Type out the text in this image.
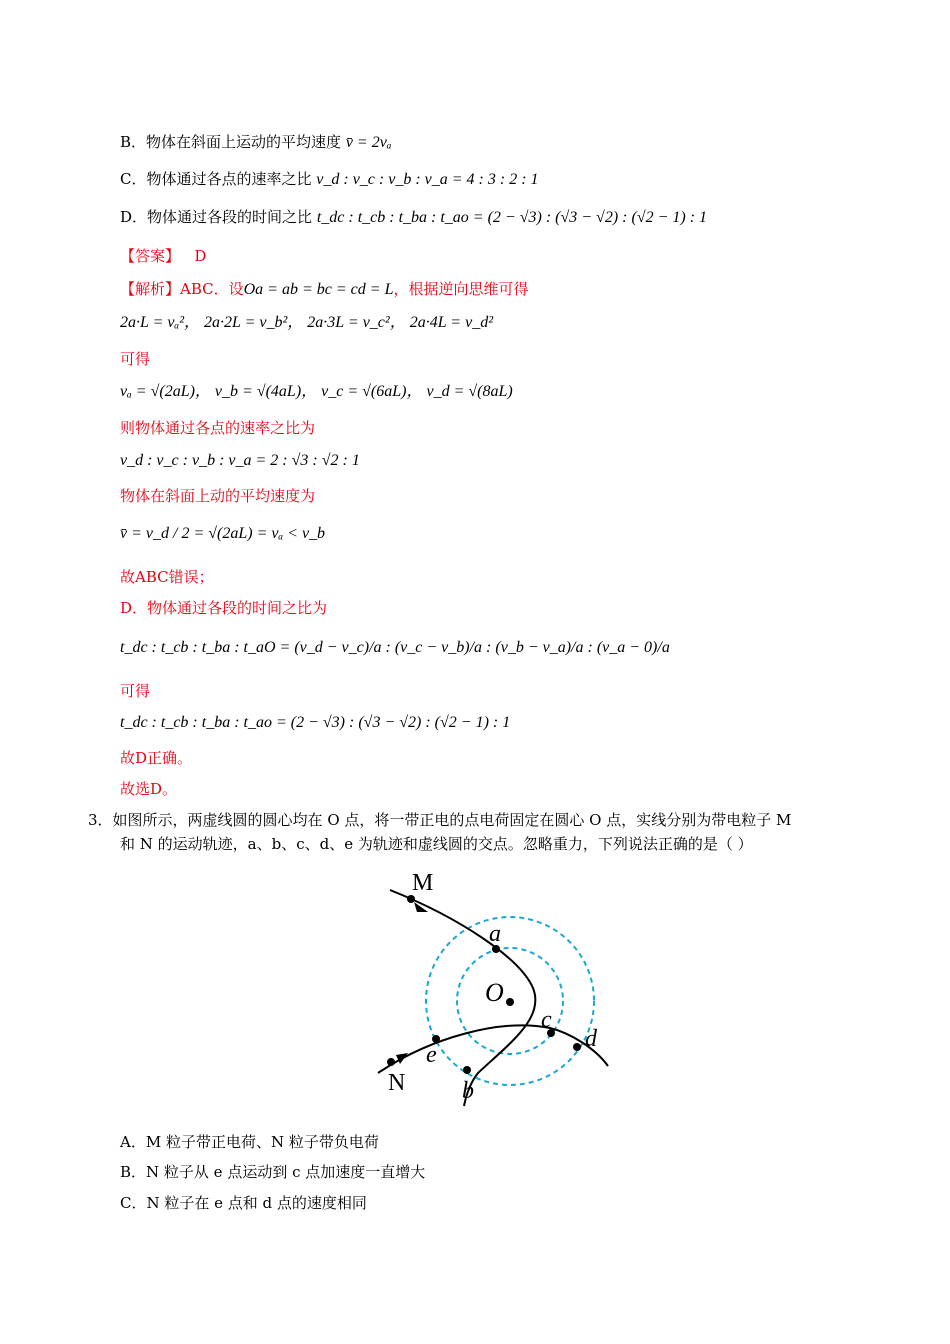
B．物体在斜面上运动的平均速度 v̄ = 2vₐ
C．物体通过各点的速率之比 v_d : v_c : v_b : v_a = 4 : 3 : 2 : 1
D．物体通过各段的时间之比 t_dc : t_cb : t_ba : t_ao = (2 − √3) : (√3 − √2) : (√2 − 1) : 1
【答案】 D
【解析】ABC．设Oa = ab = bc = cd = L，根据逆向思维可得
2a·L = vₐ²， 2a·2L = v_b²， 2a·3L = v_c²， 2a·4L = v_d²
可得
vₐ = √(2aL)， v_b = √(4aL)， v_c = √(6aL)， v_d = √(8aL)
则物体通过各点的速率之比为
v_d : v_c : v_b : v_a = 2 : √3 : √2 : 1
物体在斜面上动的平均速度为
v̄ = v_d / 2 = √(2aL) = vₐ < v_b
故ABC错误；
D．物体通过各段的时间之比为
t_dc : t_cb : t_ba : t_aO = (v_d − v_c)/a : (v_c − v_b)/a : (v_b − v_a)/a : (v_a − 0)/a
可得
t_dc : t_cb : t_ba : t_ao = (2 − √3) : (√3 − √2) : (√2 − 1) : 1
故D正确。
故选D。
3．如图所示，两虚线圆的圆心均在 O 点，将一带正电的点电荷固定在圆心 O 点，实线分别为带电粒子 M
和 N 的运动轨迹，a、b、c、d、e 为轨迹和虚线圆的交点。忽略重力，下列说法正确的是（ ）
M
N
a
O
c
d
e
b
A．M 粒子带正电荷、N 粒子带负电荷
B．N 粒子从 e 点运动到 c 点加速度一直增大
C．N 粒子在 e 点和 d 点的速度相同
